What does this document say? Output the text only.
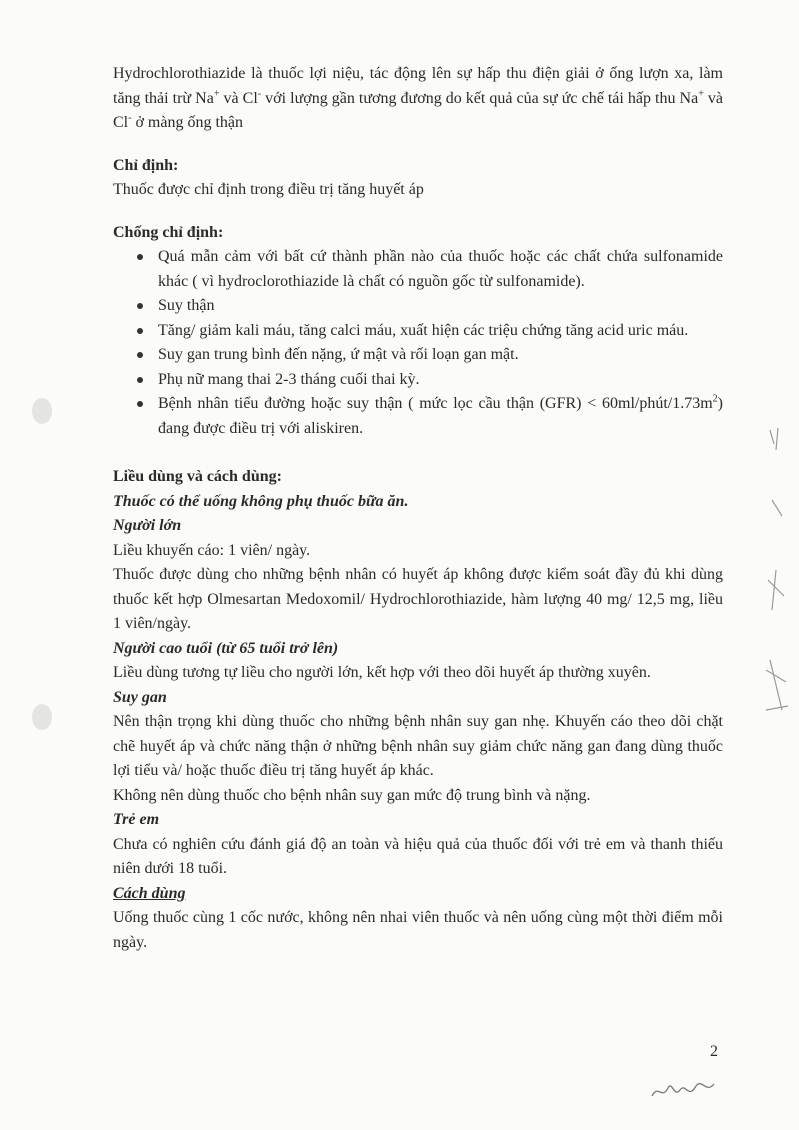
Hydrochlorothiazide là thuốc lợi niệu, tác động lên sự hấp thu điện giải ở ống lượn xa, làm tăng thải trừ Na+ và Cl- với lượng gần tương đương do kết quả của sự ức chế tái hấp thu Na+ và Cl- ở màng ống thận

Chỉ định:

Thuốc được chỉ định trong điều trị tăng huyết áp

Chống chỉ định:

Quá mẫn cảm với bất cứ thành phần nào của thuốc hoặc các chất chứa sulfonamide khác ( vì hydroclorothiazide là chất có nguồn gốc từ sulfonamide).
Suy thận
Tăng/ giảm kali máu, tăng calci máu, xuất hiện các triệu chứng tăng acid uric máu.
Suy gan trung bình đến nặng, ứ mật và rối loạn gan mật.
Phụ nữ mang thai 2-3 tháng cuối thai kỳ.
Bệnh nhân tiểu đường hoặc suy thận ( mức lọc cầu thận $(GFR) < 60ml/phút/1.73m^2$) đang được điều trị với aliskiren.

Liều dùng và cách dùng:

Thuốc có thể uống không phụ thuốc bữa ăn.

Người lớn

Liều khuyến cáo: 1 viên/ ngày.

Thuốc được dùng cho những bệnh nhân có huyết áp không được kiểm soát đầy đủ khi dùng thuốc kết hợp Olmesartan Medoxomil/ Hydrochlorothiazide, hàm lượng 40 mg/ 12,5 mg, liều 1 viên/ngày.

Người cao tuổi (từ 65 tuổi trở lên)

Liều dùng tương tự liều cho người lớn, kết hợp với theo dõi huyết áp thường xuyên.

Suy gan

Nên thận trọng khi dùng thuốc cho những bệnh nhân suy gan nhẹ. Khuyến cáo theo dõi chặt chẽ huyết áp và chức năng thận ở những bệnh nhân suy giảm chức năng gan đang dùng thuốc lợi tiểu và/ hoặc thuốc điều trị tăng huyết áp khác.

Không nên dùng thuốc cho bệnh nhân suy gan mức độ trung bình và nặng.

Trẻ em

Chưa có nghiên cứu đánh giá độ an toàn và hiệu quả của thuốc đối với trẻ em và thanh thiếu niên dưới 18 tuổi.

Cách dùng

Uống thuốc cùng 1 cốc nước, không nên nhai viên thuốc và nên uống cùng một thời điểm mỗi ngày.

2
